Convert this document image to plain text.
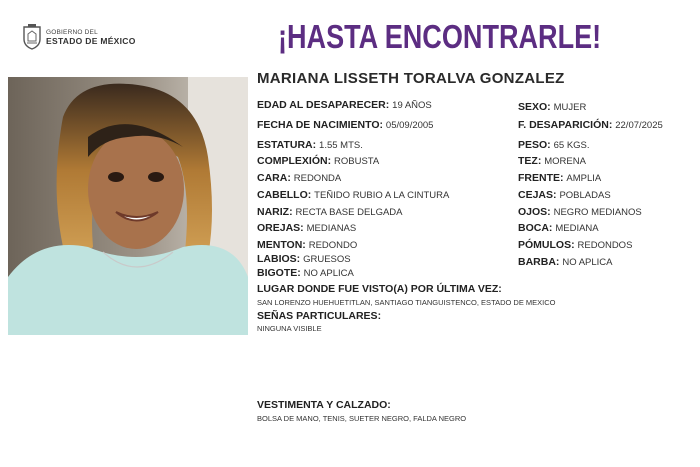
GOBIERNO DEL
ESTADO DE MÉXICO	¡HASTA ENCONTRARLE!
MARIANA LISSETH TORALVA GONZALEZ
EDAD AL DESAPARECER: 19 AÑOS
FECHA DE NACIMIENTO: 05/09/2005
ESTATURA: 1.55 MTS.
COMPLEXIÓN: ROBUSTA
CARA: REDONDA
CABELLO: TEÑIDO RUBIO A LA CINTURA
NARIZ: RECTA BASE DELGADA
OREJAS: MEDIANAS
MENTON: REDONDO
LABIOS: GRUESOS
BIGOTE: NO APLICA
SEXO: MUJER
F. DESAPARICIÓN: 22/07/2025
PESO: 65 KGS.
TEZ: MORENA
FRENTE: AMPLIA
CEJAS: POBLADAS
OJOS: NEGRO MEDIANOS
BOCA: MEDIANA
PÓMULOS: REDONDOS
BARBA: NO APLICA
LUGAR DONDE FUE VISTO(A) POR ÚLTIMA VEZ:
SAN LORENZO HUEHUETITLAN, SANTIAGO TIANGUISTENCO, ESTADO DE MEXICO
SEÑAS PARTICULARES:
NINGUNA VISIBLE
VESTIMENTA Y CALZADO:
BOLSA DE MANO, TENIS, SUETER NEGRO, FALDA NEGRO
